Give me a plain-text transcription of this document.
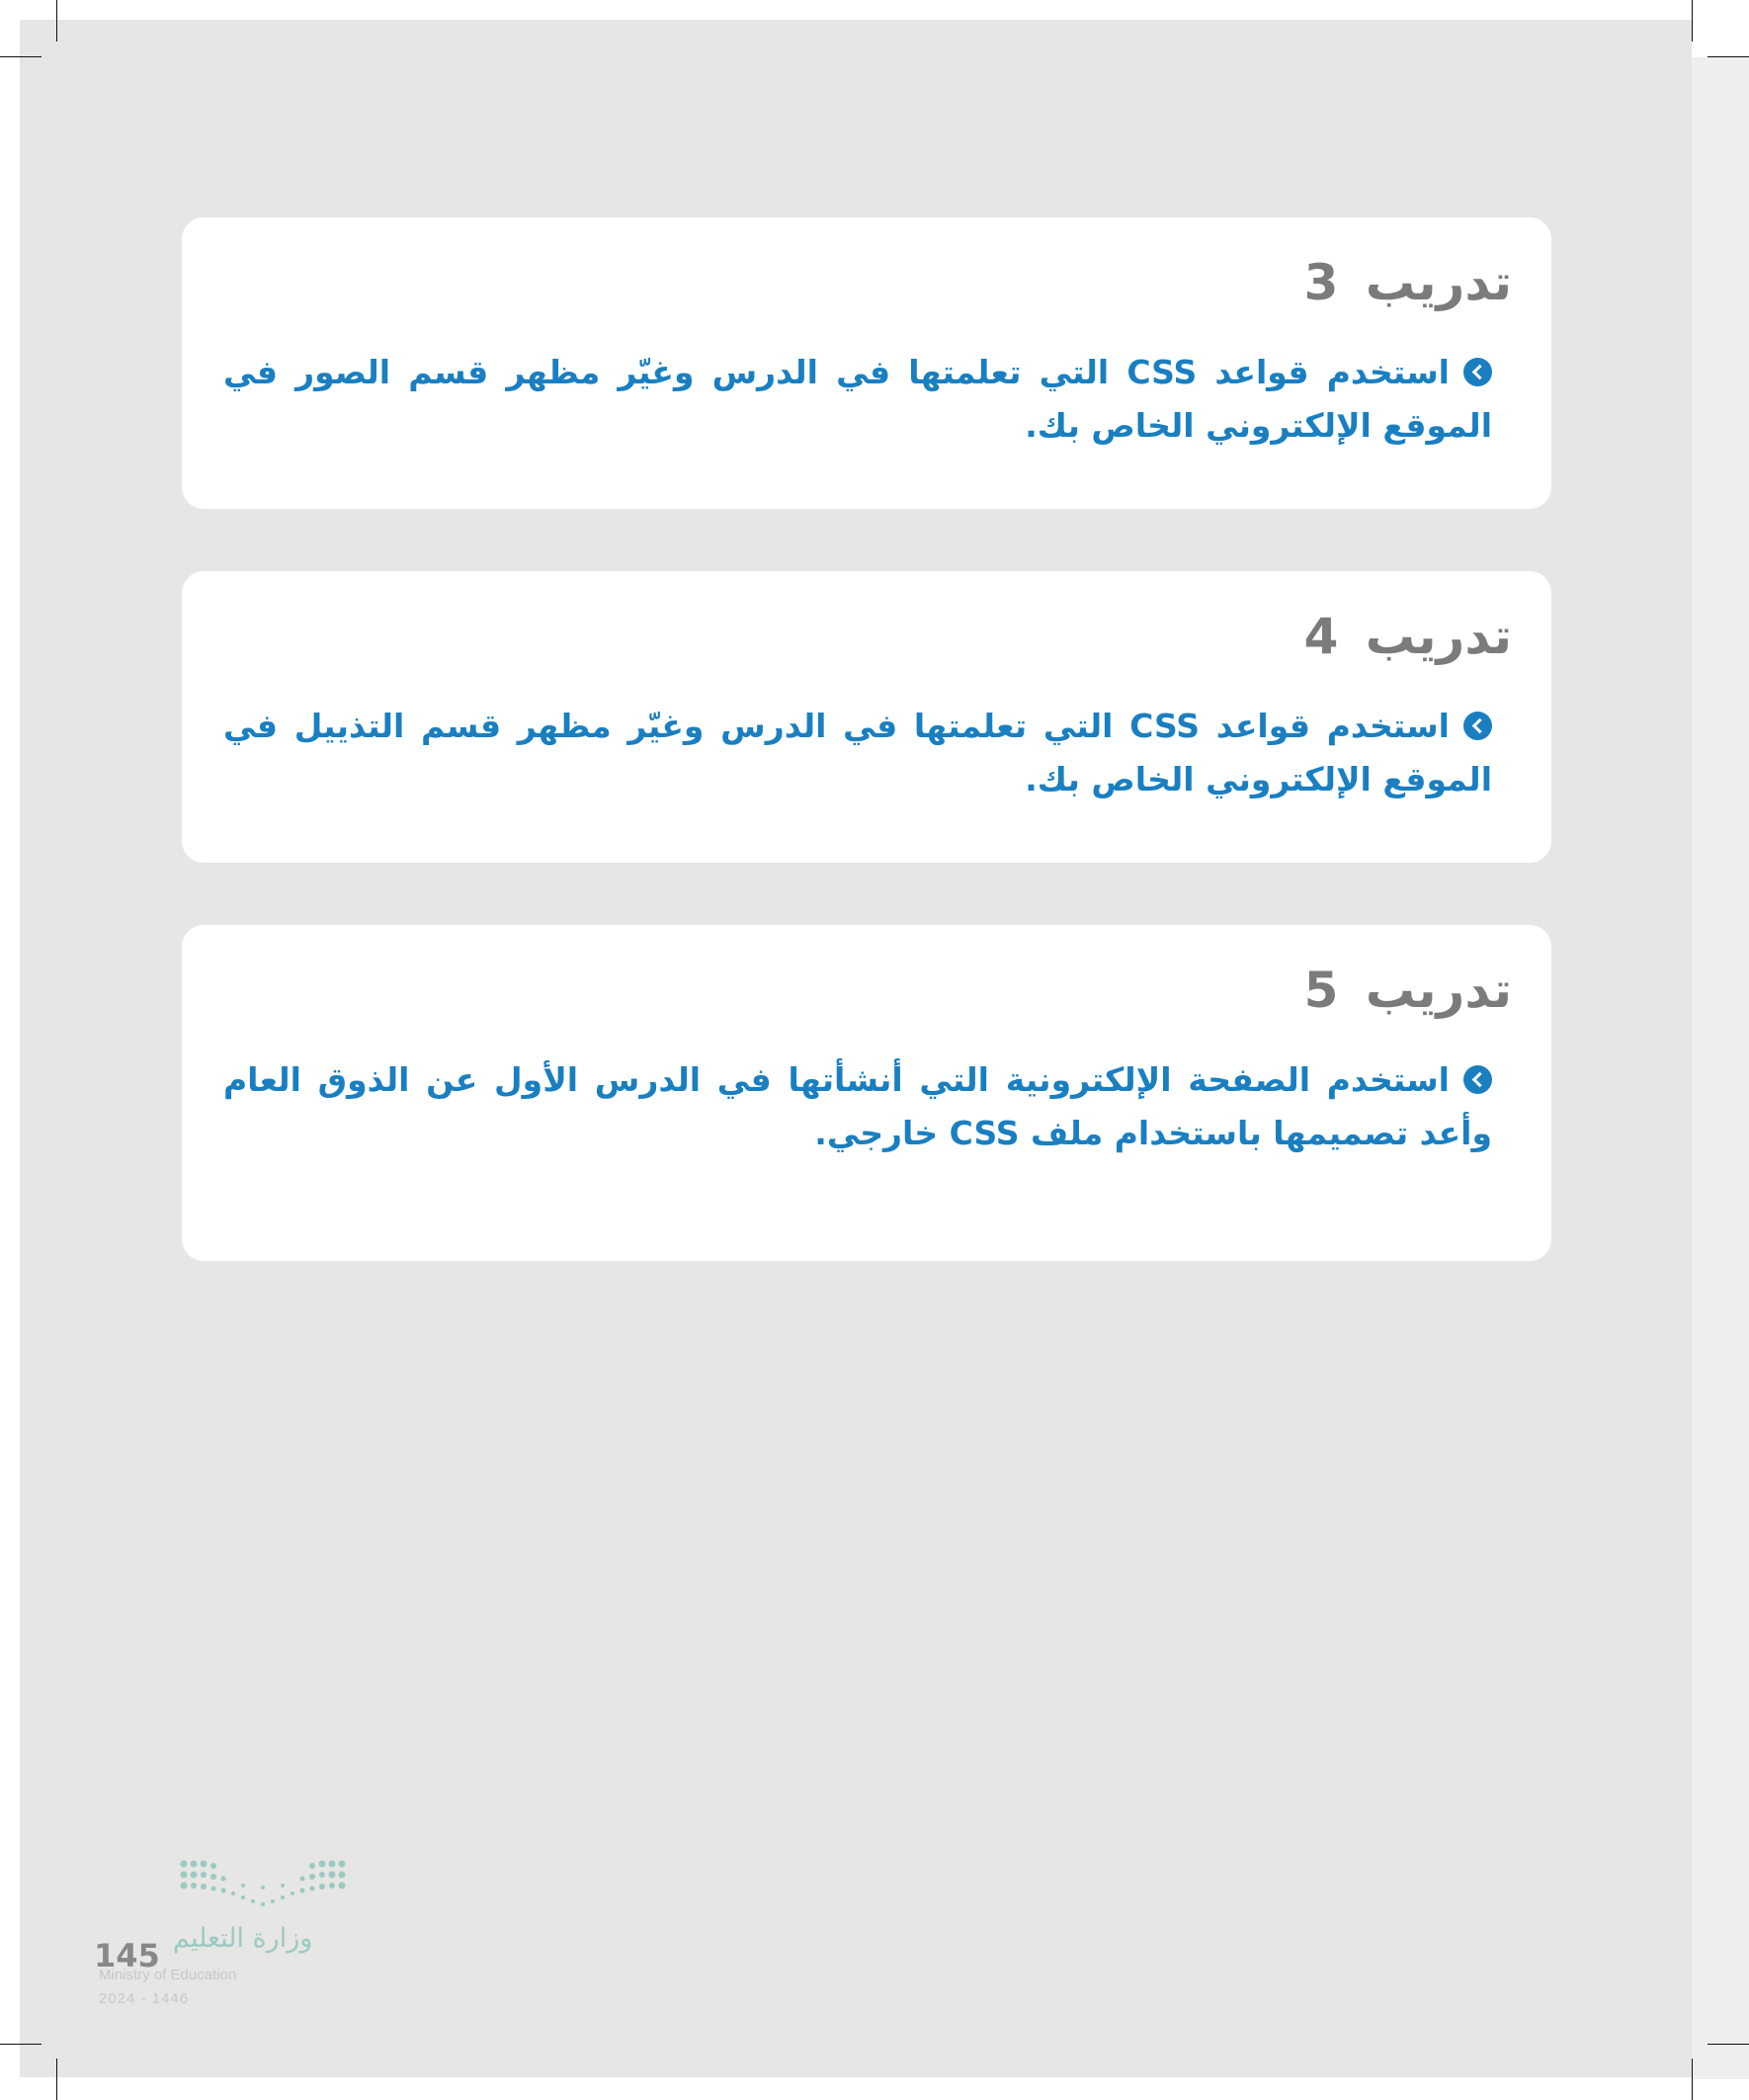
تدريب 3

استخدم قواعد CSS التي تعلمتها في الدرس وغيّر مظهر قسم الصور في الموقع الإلكتروني الخاص بك.

تدريب 4

استخدم قواعد CSS التي تعلمتها في الدرس وغيّر مظهر قسم التذييل في الموقع الإلكتروني الخاص بك.

تدريب 5

استخدم الصفحة الإلكترونية التي أنشأتها في الدرس الأول عن الذوق العام وأعد تصميمها باستخدام ملف CSS خارجي.

وزارة التعليم
Ministry of Education
2024 - 1446
145
